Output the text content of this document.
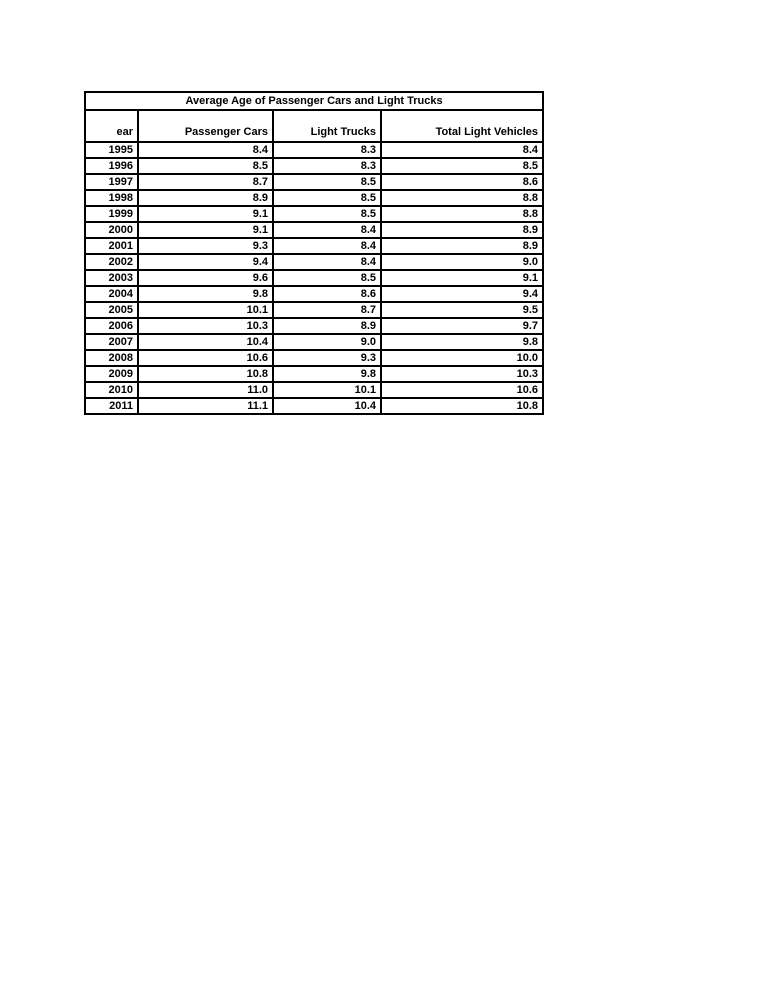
Average Age of Passenger Cars and Light Trucks			
ear	Passenger Cars	Light Trucks	Total Light Vehicles
1995	8.4	8.3	8.4
1996	8.5	8.3	8.5
1997	8.7	8.5	8.6
1998	8.9	8.5	8.8
1999	9.1	8.5	8.8
2000	9.1	8.4	8.9
2001	9.3	8.4	8.9
2002	9.4	8.4	9.0
2003	9.6	8.5	9.1
2004	9.8	8.6	9.4
2005	10.1	8.7	9.5
2006	10.3	8.9	9.7
2007	10.4	9.0	9.8
2008	10.6	9.3	10.0
2009	10.8	9.8	10.3
2010	11.0	10.1	10.6
2011	11.1	10.4	10.8
